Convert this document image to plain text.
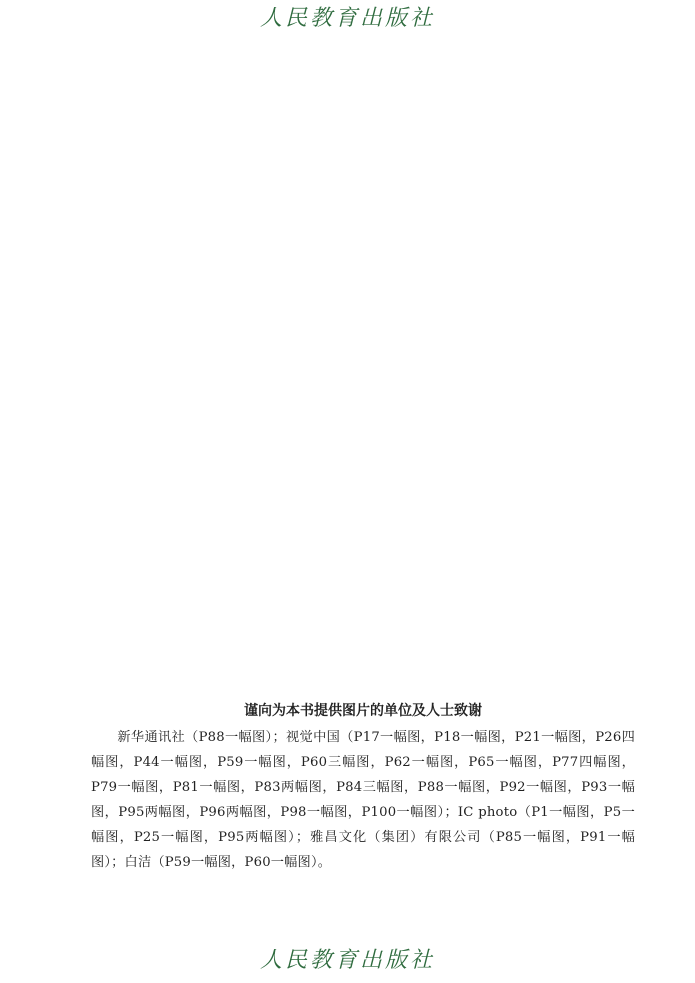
人民教育出版社
谨向为本书提供图片的单位及人士致谢

新华通讯社（P88一幅图）；视觉中国（P17一幅图，P18一幅图，P21一幅图，P26四幅图，P44一幅图，P59一幅图，P60三幅图，P62一幅图，P65一幅图，P77四幅图，P79一幅图，P81一幅图，P83两幅图，P84三幅图，P88一幅图，P92一幅图，P93一幅图，P95两幅图，P96两幅图，P98一幅图，P100一幅图）；IC photo（P1一幅图，P5一幅图，P25一幅图，P95两幅图）；雅昌文化（集团）有限公司（P85一幅图，P91一幅图）；白洁（P59一幅图，P60一幅图）。

人民教育出版社
